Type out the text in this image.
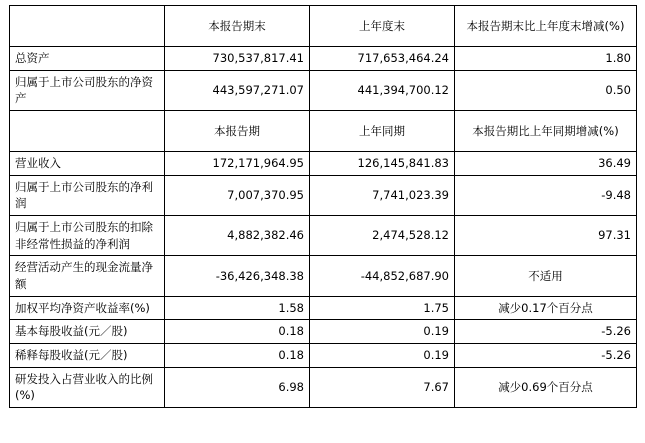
	本报告期末	上年度末	本报告期末比上年度末增减(%)
总资产	730,537,817.41	717,653,464.24	1.80
归属于上市公司股东的净资产	443,597,271.07	441,394,700.12	0.50
	本报告期	上年同期	本报告期比上年同期增减(%)
营业收入	172,171,964.95	126,145,841.83	36.49
归属于上市公司股东的净利润	7,007,370.95	7,741,023.39	-9.48
归属于上市公司股东的扣除非经常性损益的净利润	4,882,382.46	2,474,528.12	97.31
经营活动产生的现金流量净额	-36,426,348.38	-44,852,687.90	不适用
加权平均净资产收益率(%)	1.58	1.75	减少0.17个百分点
基本每股收益(元／股)	0.18	0.19	-5.26
稀释每股收益(元／股)	0.18	0.19	-5.26
研发投入占营业收入的比例(%)	6.98	7.67	减少0.69个百分点
